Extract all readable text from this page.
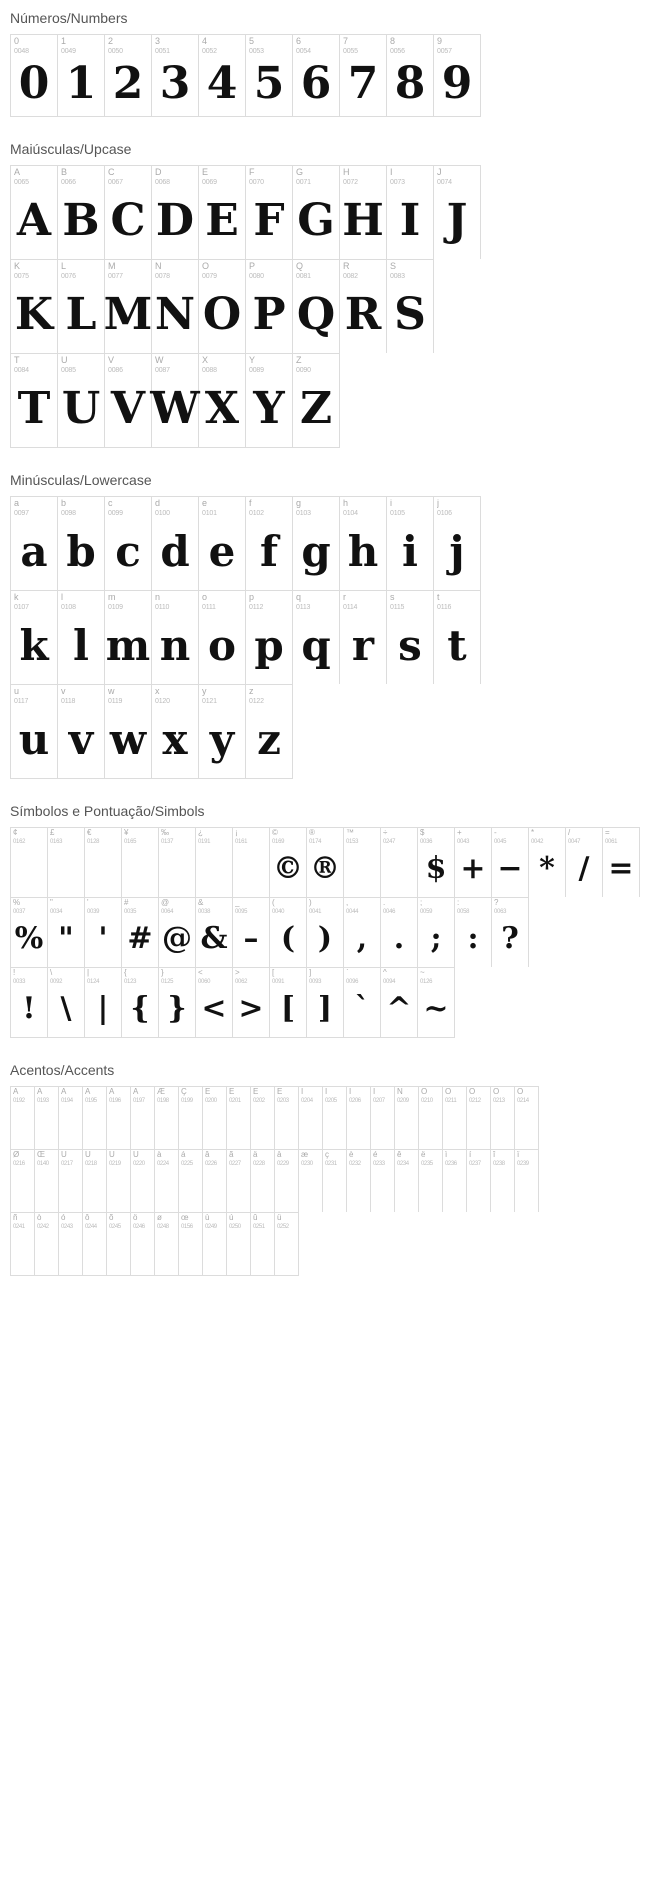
Números/Numbers
0
0048
0
1
0049
1
2
0050
2
3
0051
3
4
0052
4
5
0053
5
6
0054
6
7
0055
7
8
0056
8
9
0057
9
Maiúsculas/Upcase
A
0065
A
B
0066
B
C
0067
C
D
0068
D
E
0069
E
F
0070
F
G
0071
G
H
0072
H
I
0073
I
J
0074
J
K
0075
K
L
0076
L
M
0077
M
N
0078
N
O
0079
O
P
0080
P
Q
0081
Q
R
0082
R
S
0083
S
T
0084
T
U
0085
U
V
0086
V
W
0087
W
X
0088
X
Y
0089
Y
Z
0090
Z
Minúsculas/Lowercase
a
0097
a
b
0098
b
c
0099
c
d
0100
d
e
0101
e
f
0102
f
g
0103
g
h
0104
h
i
0105
i
j
0106
j
k
0107
k
l
0108
l
m
0109
m
n
0110
n
o
0111
o
p
0112
p
q
0113
q
r
0114
r
s
0115
s
t
0116
t
u
0117
u
v
0118
v
w
0119
w
x
0120
x
y
0121
y
z
0122
z
Símbolos e Pontuação/Simbols
¢
0162
£
0163
€
0128
¥
0165
‰
0137
¿
0191
¡
0161
©
0169
©
®
0174
®
™
0153
÷
0247
$
0036
$
+
0043
+
-
0045
−
*
0042
*
/
0047
/
=
0061
=
%
0037
%
"
0034
"
'
0039
'
#
0035
#
@
0064
@
&
0038
&
_
0095
–
(
0040
(
)
0041
)
,
0044
,
.
0046
.
;
0059
;
:
0058
:
?
0063
?
!
0033
!
\
0092
\
|
0124
|
{
0123
{
}
0125
}
<
0060
<
>
0062
>
[
0091
[
]
0093
]
`
0096
`
^
0094
^
~
0126
~
Acentos/Accents
À
0192
Á
0193
Â
0194
Ã
0195
Ä
0196
Å
0197
Æ
0198
Ç
0199
È
0200
É
0201
Ê
0202
Ë
0203
Ì
0204
Í
0205
Î
0206
Ï
0207
Ñ
0209
Ò
0210
Ó
0211
Ô
0212
Õ
0213
Ö
0214
Ø
0216
Œ
0140
Ù
0217
Ú
0218
Û
0219
Ü
0220
à
0224
á
0225
â
0226
ã
0227
ä
0228
å
0229
æ
0230
ç
0231
è
0232
é
0233
ê
0234
ë
0235
ì
0236
í
0237
î
0238
ï
0239
ñ
0241
ò
0242
ó
0243
ô
0244
õ
0245
ö
0246
ø
0248
œ
0156
ù
0249
ú
0250
û
0251
ü
0252
